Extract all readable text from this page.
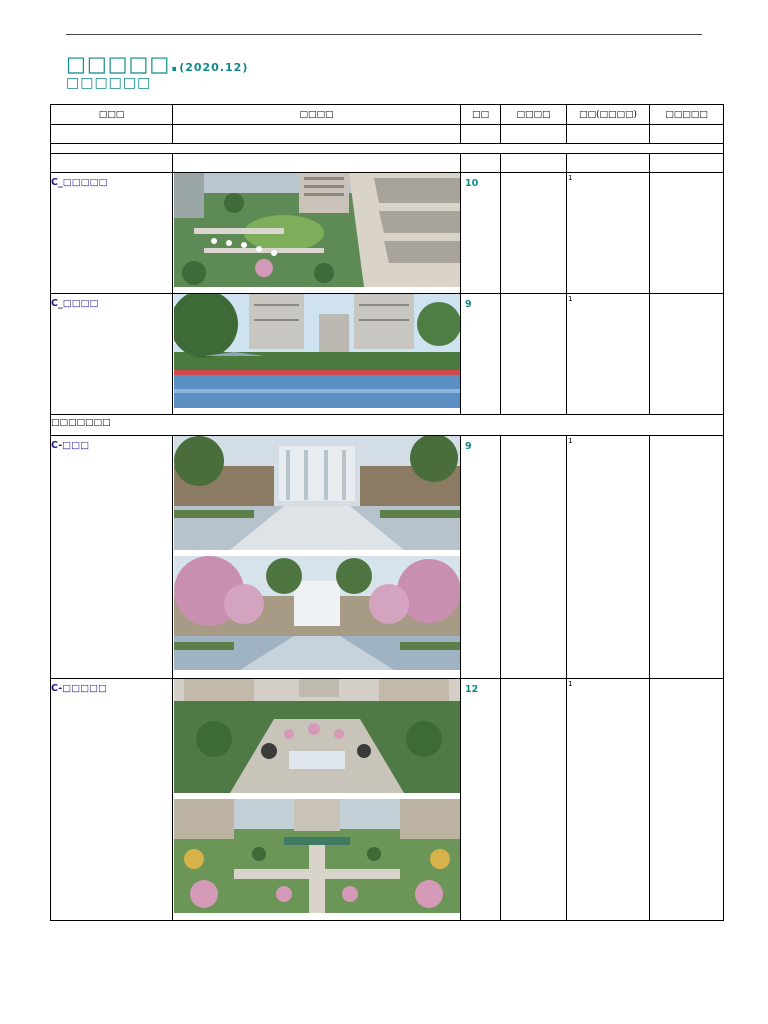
□□□□□.(2020.12)
□□□□□□
□□□	□□□□	□□	□□□□	□□(□□□□)	□□□□□

C_□□□□□		10		1	
C_□□□□		9		1	
□□□□□□□					
C-□□□		9		1	
C-□□□□□		12		1	
